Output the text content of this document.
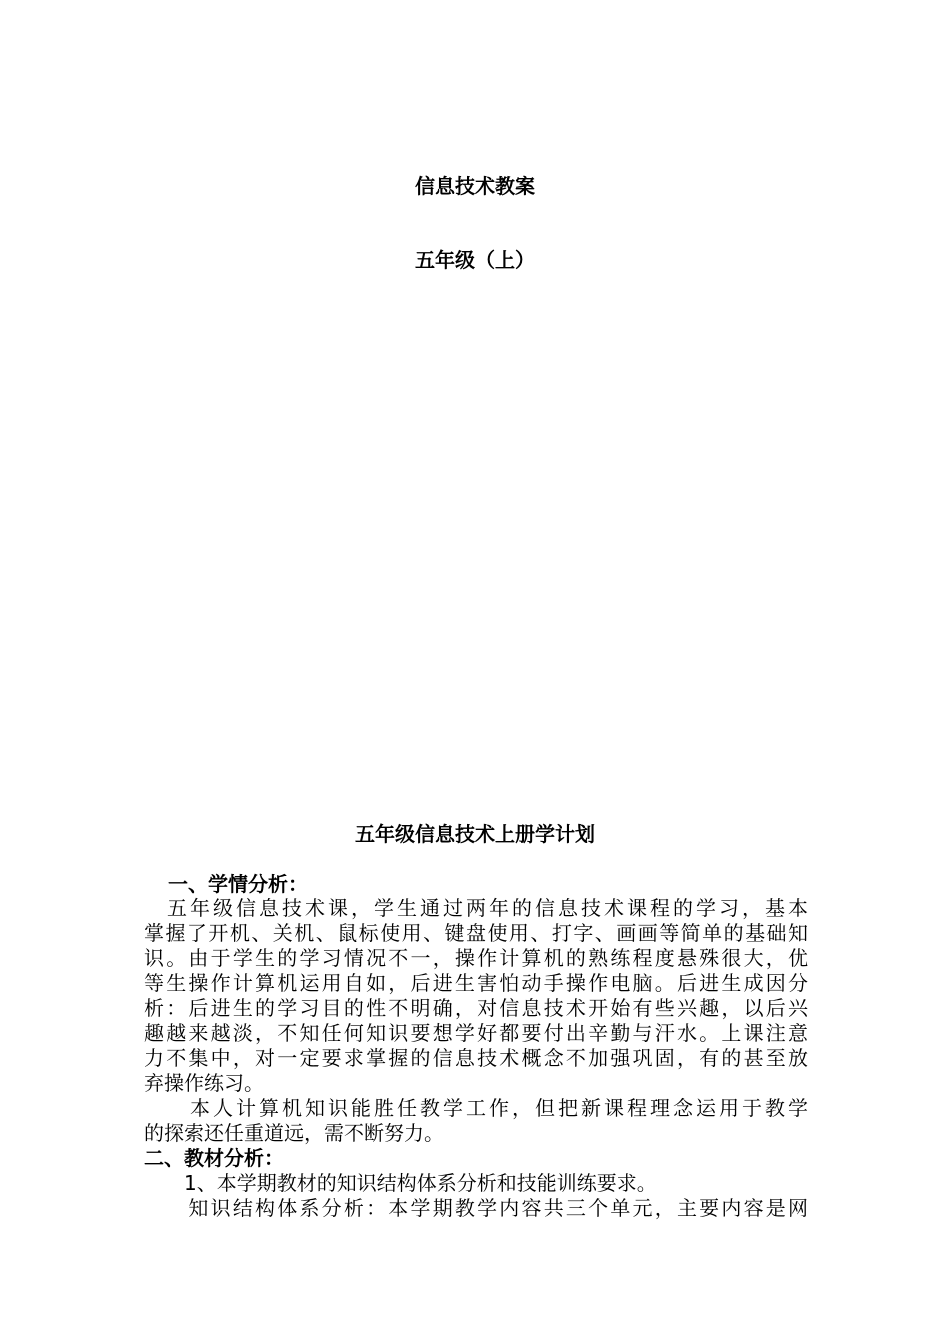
信息技术教案
五年级（上）
五年级信息技术上册学计划
一、学情分析：
　五年级信息技术课，学生通过两年的信息技术课程的学习，基本
掌握了开机、关机、鼠标使用、键盘使用、打字、画画等简单的基础知
识。由于学生的学习情况不一，操作计算机的熟练程度悬殊很大，优
等生操作计算机运用自如，后进生害怕动手操作电脑。后进生成因分
析：后进生的学习目的性不明确，对信息技术开始有些兴趣，以后兴
趣越来越淡，不知任何知识要想学好都要付出辛勤与汗水。上课注意
力不集中，对一定要求掌握的信息技术概念不加强巩固，有的甚至放
弃操作练习。
　　本人计算机知识能胜任教学工作，但把新课程理念运用于教学
的探索还任重道远，需不断努力。
二、教材分析：
　　1、本学期教材的知识结构体系分析和技能训练要求。
　　知识结构体系分析：本学期教学内容共三个单元，主要内容是网
